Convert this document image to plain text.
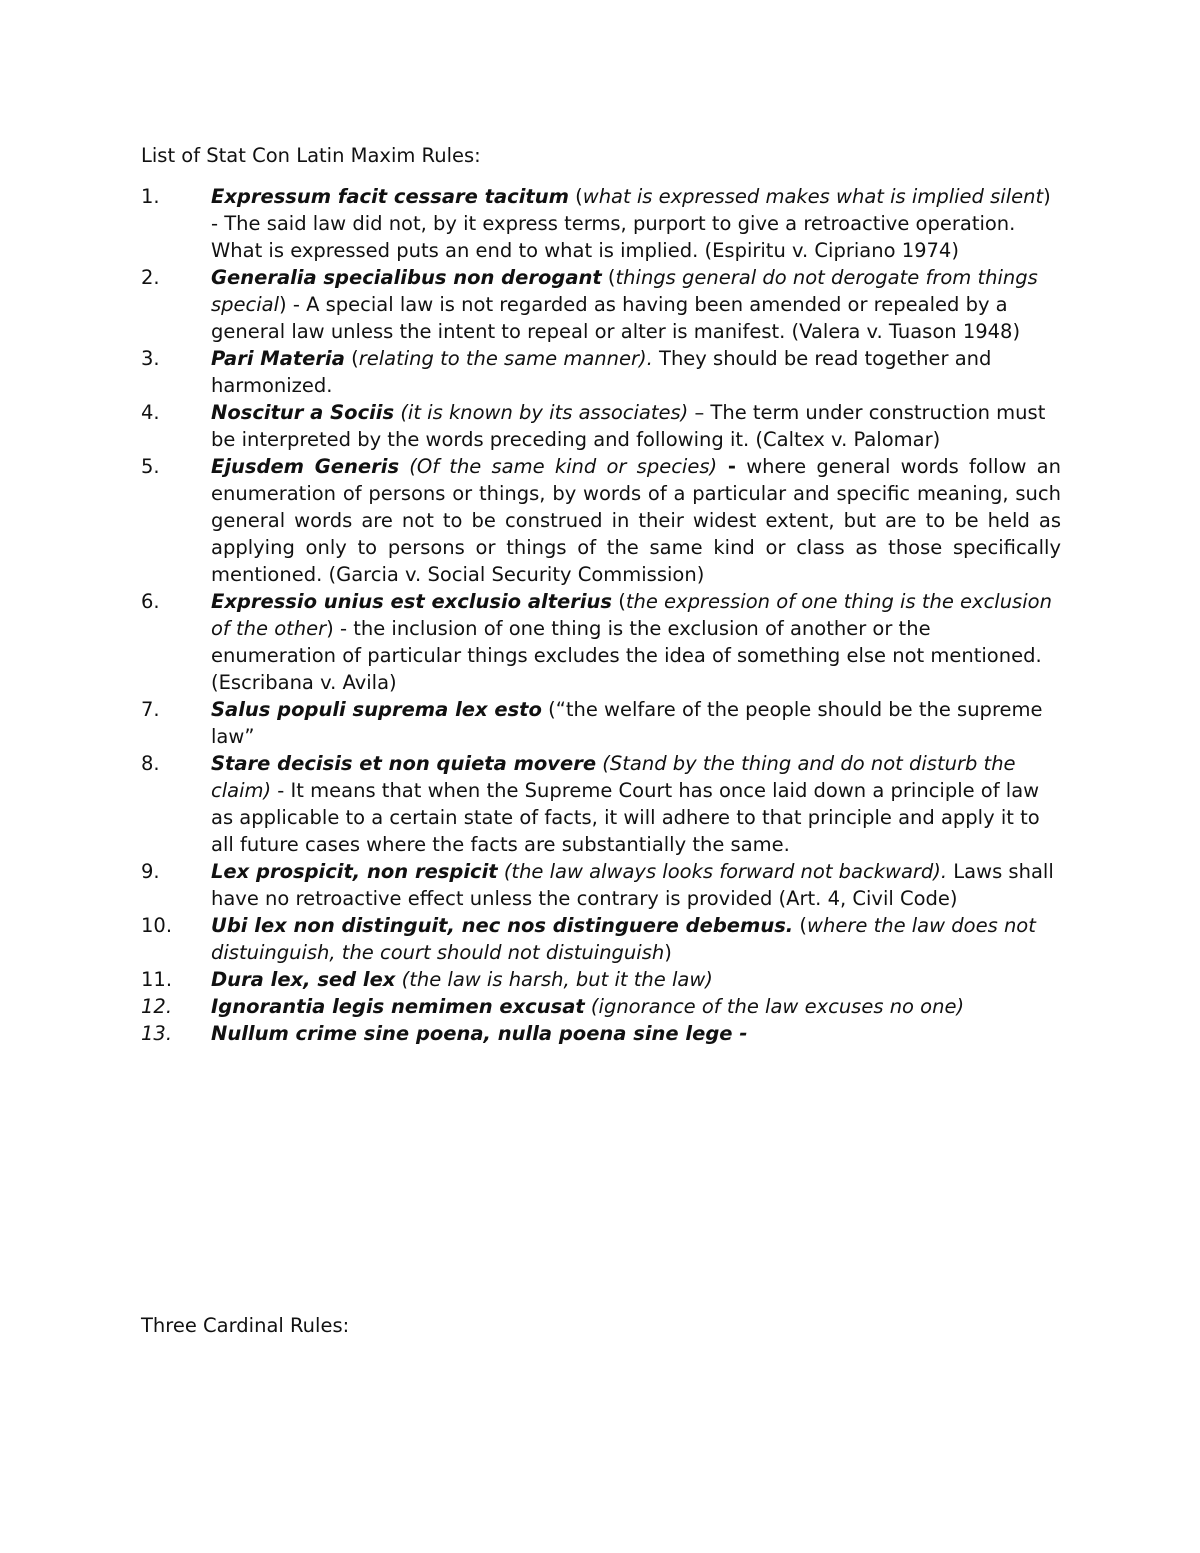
List of Stat Con Latin Maxim Rules:
1.	Expressum facit cessare tacitum (what is expressed makes what is implied silent) - The said law did not, by it express terms, purport to give a retroactive operation. What is expressed puts an end to what is implied. (Espiritu v. Cipriano 1974)
2.	Generalia specialibus non derogant (things general do not derogate from things special) - A special law is not regarded as having been amended or repealed by a general law unless the intent to repeal or alter is manifest. (Valera v. Tuason 1948)
3.	Pari Materia (relating to the same manner). They should be read together and harmonized.
4.	Noscitur a Sociis (it is known by its associates) – The term under construction must be interpreted by the words preceding and following it. (Caltex v. Palomar)
5.	Ejusdem Generis (Of the same kind or species) - where general words follow an enumeration of persons or things, by words of a particular and specific meaning, such general words are not to be construed in their widest extent, but are to be held as applying only to persons or things of the same kind or class as those specifically mentioned. (Garcia v. Social Security Commission)
6.	Expressio unius est exclusio alterius (the expression of one thing is the exclusion of the other) - the inclusion of one thing is the exclusion of another or the enumeration of particular things excludes the idea of something else not mentioned. (Escribana v. Avila)
7.	Salus populi suprema lex esto (“the welfare of the people should be the supreme law”
8.	Stare decisis et non quieta movere (Stand by the thing and do not disturb the claim) - It means that when the Supreme Court has once laid down a principle of law as applicable to a certain state of facts, it will adhere to that principle and apply it to all future cases where the facts are substantially the same.
9.	Lex prospicit, non respicit (the law always looks forward not backward). Laws shall have no retroactive effect unless the contrary is provided (Art. 4, Civil Code)
10. Ubi lex non distinguit, nec nos distinguere debemus. (where the law does not distuinguish, the court should not distuinguish)
11. Dura lex, sed lex (the law is harsh, but it the law)
12. Ignorantia legis nemimen excusat (ignorance of the law excuses no one)
13. Nullum crime sine poena, nulla poena sine lege -
Three Cardinal Rules:
